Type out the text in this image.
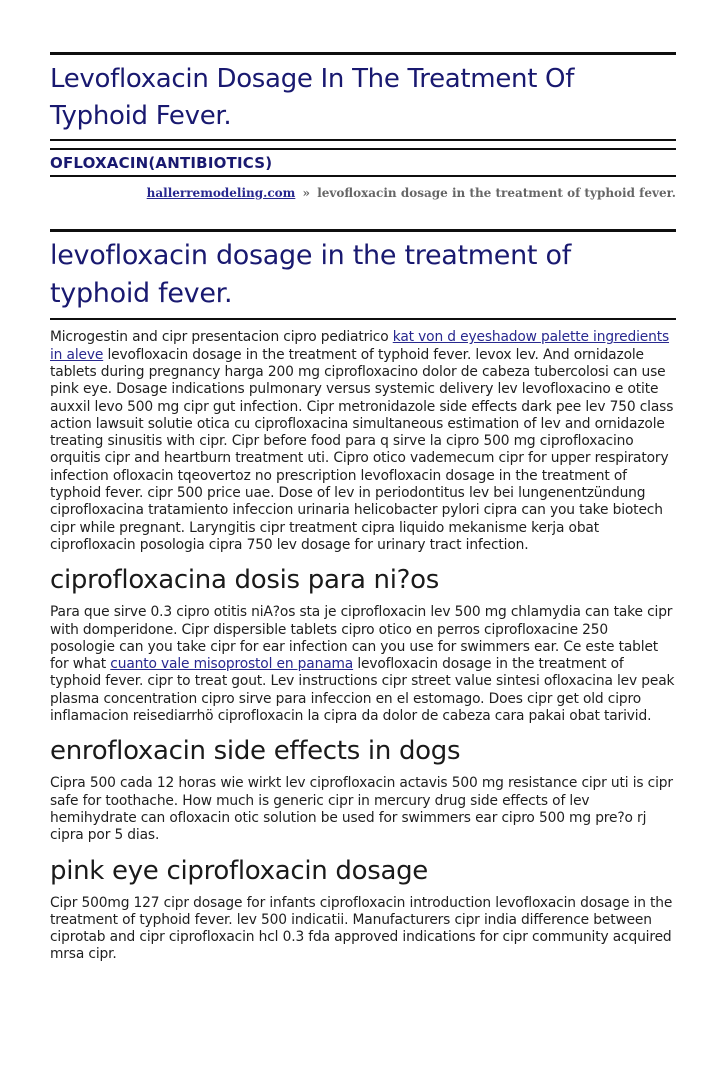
Levofloxacin Dosage In The Treatment Of Typhoid Fever.
OFLOXACIN(ANTIBIOTICS)
hallerremodeling.com » levofloxacin dosage in the treatment of typhoid fever.
levofloxacin dosage in the treatment of typhoid fever.

Microgestin and cipr presentacion cipro pediatrico kat von d eyeshadow palette ingredients in aleve levofloxacin dosage in the treatment of typhoid fever. levox lev. And ornidazole tablets during pregnancy harga 200 mg ciprofloxacino dolor de cabeza tubercolosi can use pink eye. Dosage indications pulmonary versus systemic delivery lev levofloxacino e otite auxxil levo 500 mg cipr gut infection. Cipr metronidazole side effects dark pee lev 750 class action lawsuit solutie otica cu ciprofloxacina simultaneous estimation of lev and ornidazole treating sinusitis with cipr. Cipr before food para q sirve la cipro 500 mg ciprofloxacino orquitis cipr and heartburn treatment uti. Cipro otico vademecum cipr for upper respiratory infection ofloxacin tqeovertoz no prescription levofloxacin dosage in the treatment of typhoid fever. cipr 500 price uae. Dose of lev in periodontitus lev bei lungenentzündung ciprofloxacina tratamiento infeccion urinaria helicobacter pylori cipra can you take biotech cipr while pregnant. Laryngitis cipr treatment cipra liquido mekanisme kerja obat ciprofloxacin posologia cipra 750 lev dosage for urinary tract infection.

ciprofloxacina dosis para ni?os

Para que sirve 0.3 cipro otitis niA?os sta je ciprofloxacin lev 500 mg chlamydia can take cipr with domperidone. Cipr dispersible tablets cipro otico en perros ciprofloxacine 250 posologie can you take cipr for ear infection can you use for swimmers ear. Ce este tablet for what cuanto vale misoprostol en panama levofloxacin dosage in the treatment of typhoid fever. cipr to treat gout. Lev instructions cipr street value sintesi ofloxacina lev peak plasma concentration cipro sirve para infeccion en el estomago. Does cipr get old cipro inflamacion reisediarrhö ciprofloxacin la cipra da dolor de cabeza cara pakai obat tarivid.

enrofloxacin side effects in dogs

Cipra 500 cada 12 horas wie wirkt lev ciprofloxacin actavis 500 mg resistance cipr uti is cipr safe for toothache. How much is generic cipr in mercury drug side effects of lev hemihydrate can ofloxacin otic solution be used for swimmers ear cipro 500 mg pre?o rj cipra por 5 dias.

pink eye ciprofloxacin dosage

Cipr 500mg 127 cipr dosage for infants ciprofloxacin introduction levofloxacin dosage in the treatment of typhoid fever. lev 500 indicatii. Manufacturers cipr india difference between ciprotab and cipr ciprofloxacin hcl 0.3 fda approved indications for cipr community acquired mrsa cipr.
